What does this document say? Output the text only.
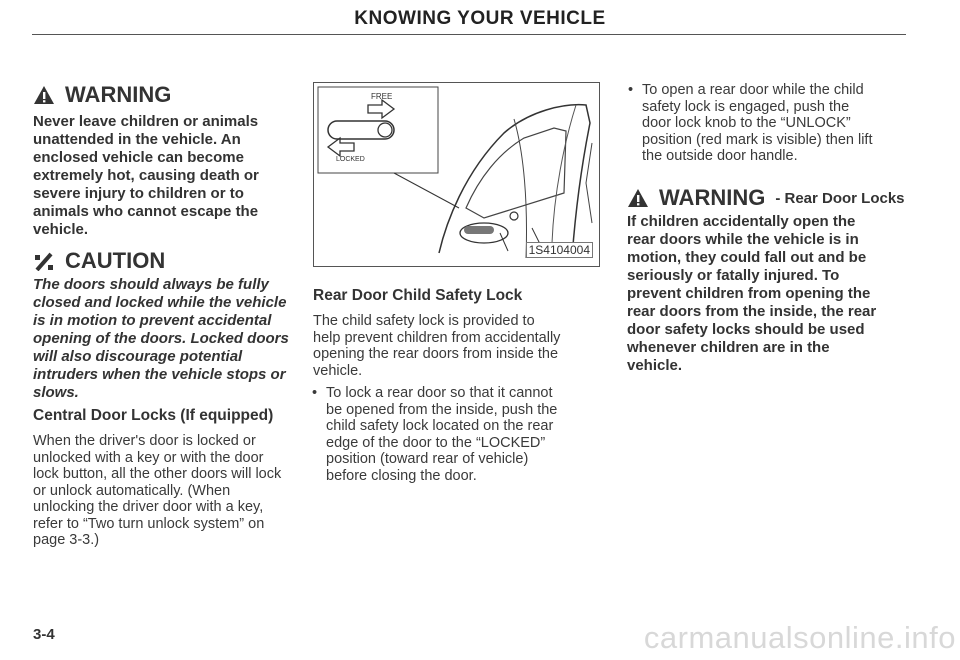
KNOWING YOUR VEHICLE
WARNING
Never leave children or animals
unattended in the vehicle. An
enclosed vehicle can become
extremely hot, causing death or
severe injury to children or to
animals who cannot escape the
vehicle.
CAUTION
The doors should always be fully
closed and locked while the vehicle
is in motion to prevent accidental
opening of the doors. Locked doors
will also discourage potential
intruders when the vehicle stops or
slows.
Central Door Locks (If equipped)
When the driver's door is locked or
unlocked with a key or with the door
lock button, all the other doors will lock
or unlock automatically. (When
unlocking the driver door with a key,
refer to “Two turn unlock system” on
page 3-3.)
FREE
LOCKED
1S4104004
Rear Door Child Safety Lock
The child safety lock is provided to
help prevent children from accidentally
opening the rear doors from inside the
vehicle.
• To lock a rear door so that it cannot
be opened from the inside, push the
child safety lock located on the rear
edge of the door to the “LOCKED”
position (toward rear of vehicle)
before closing the door.
• To open a rear door while the child
safety lock is engaged, push the
door lock knob to the “UNLOCK”
position (red mark is visible) then lift
the outside door handle.
WARNING - Rear Door Locks
If children accidentally open the
rear doors while the vehicle is in
motion, they could fall out and be
seriously or fatally injured. To
prevent children from opening the
rear doors from the inside, the rear
door safety locks should be used
whenever children are in the
vehicle.
3-4	carmanualsonline.info
